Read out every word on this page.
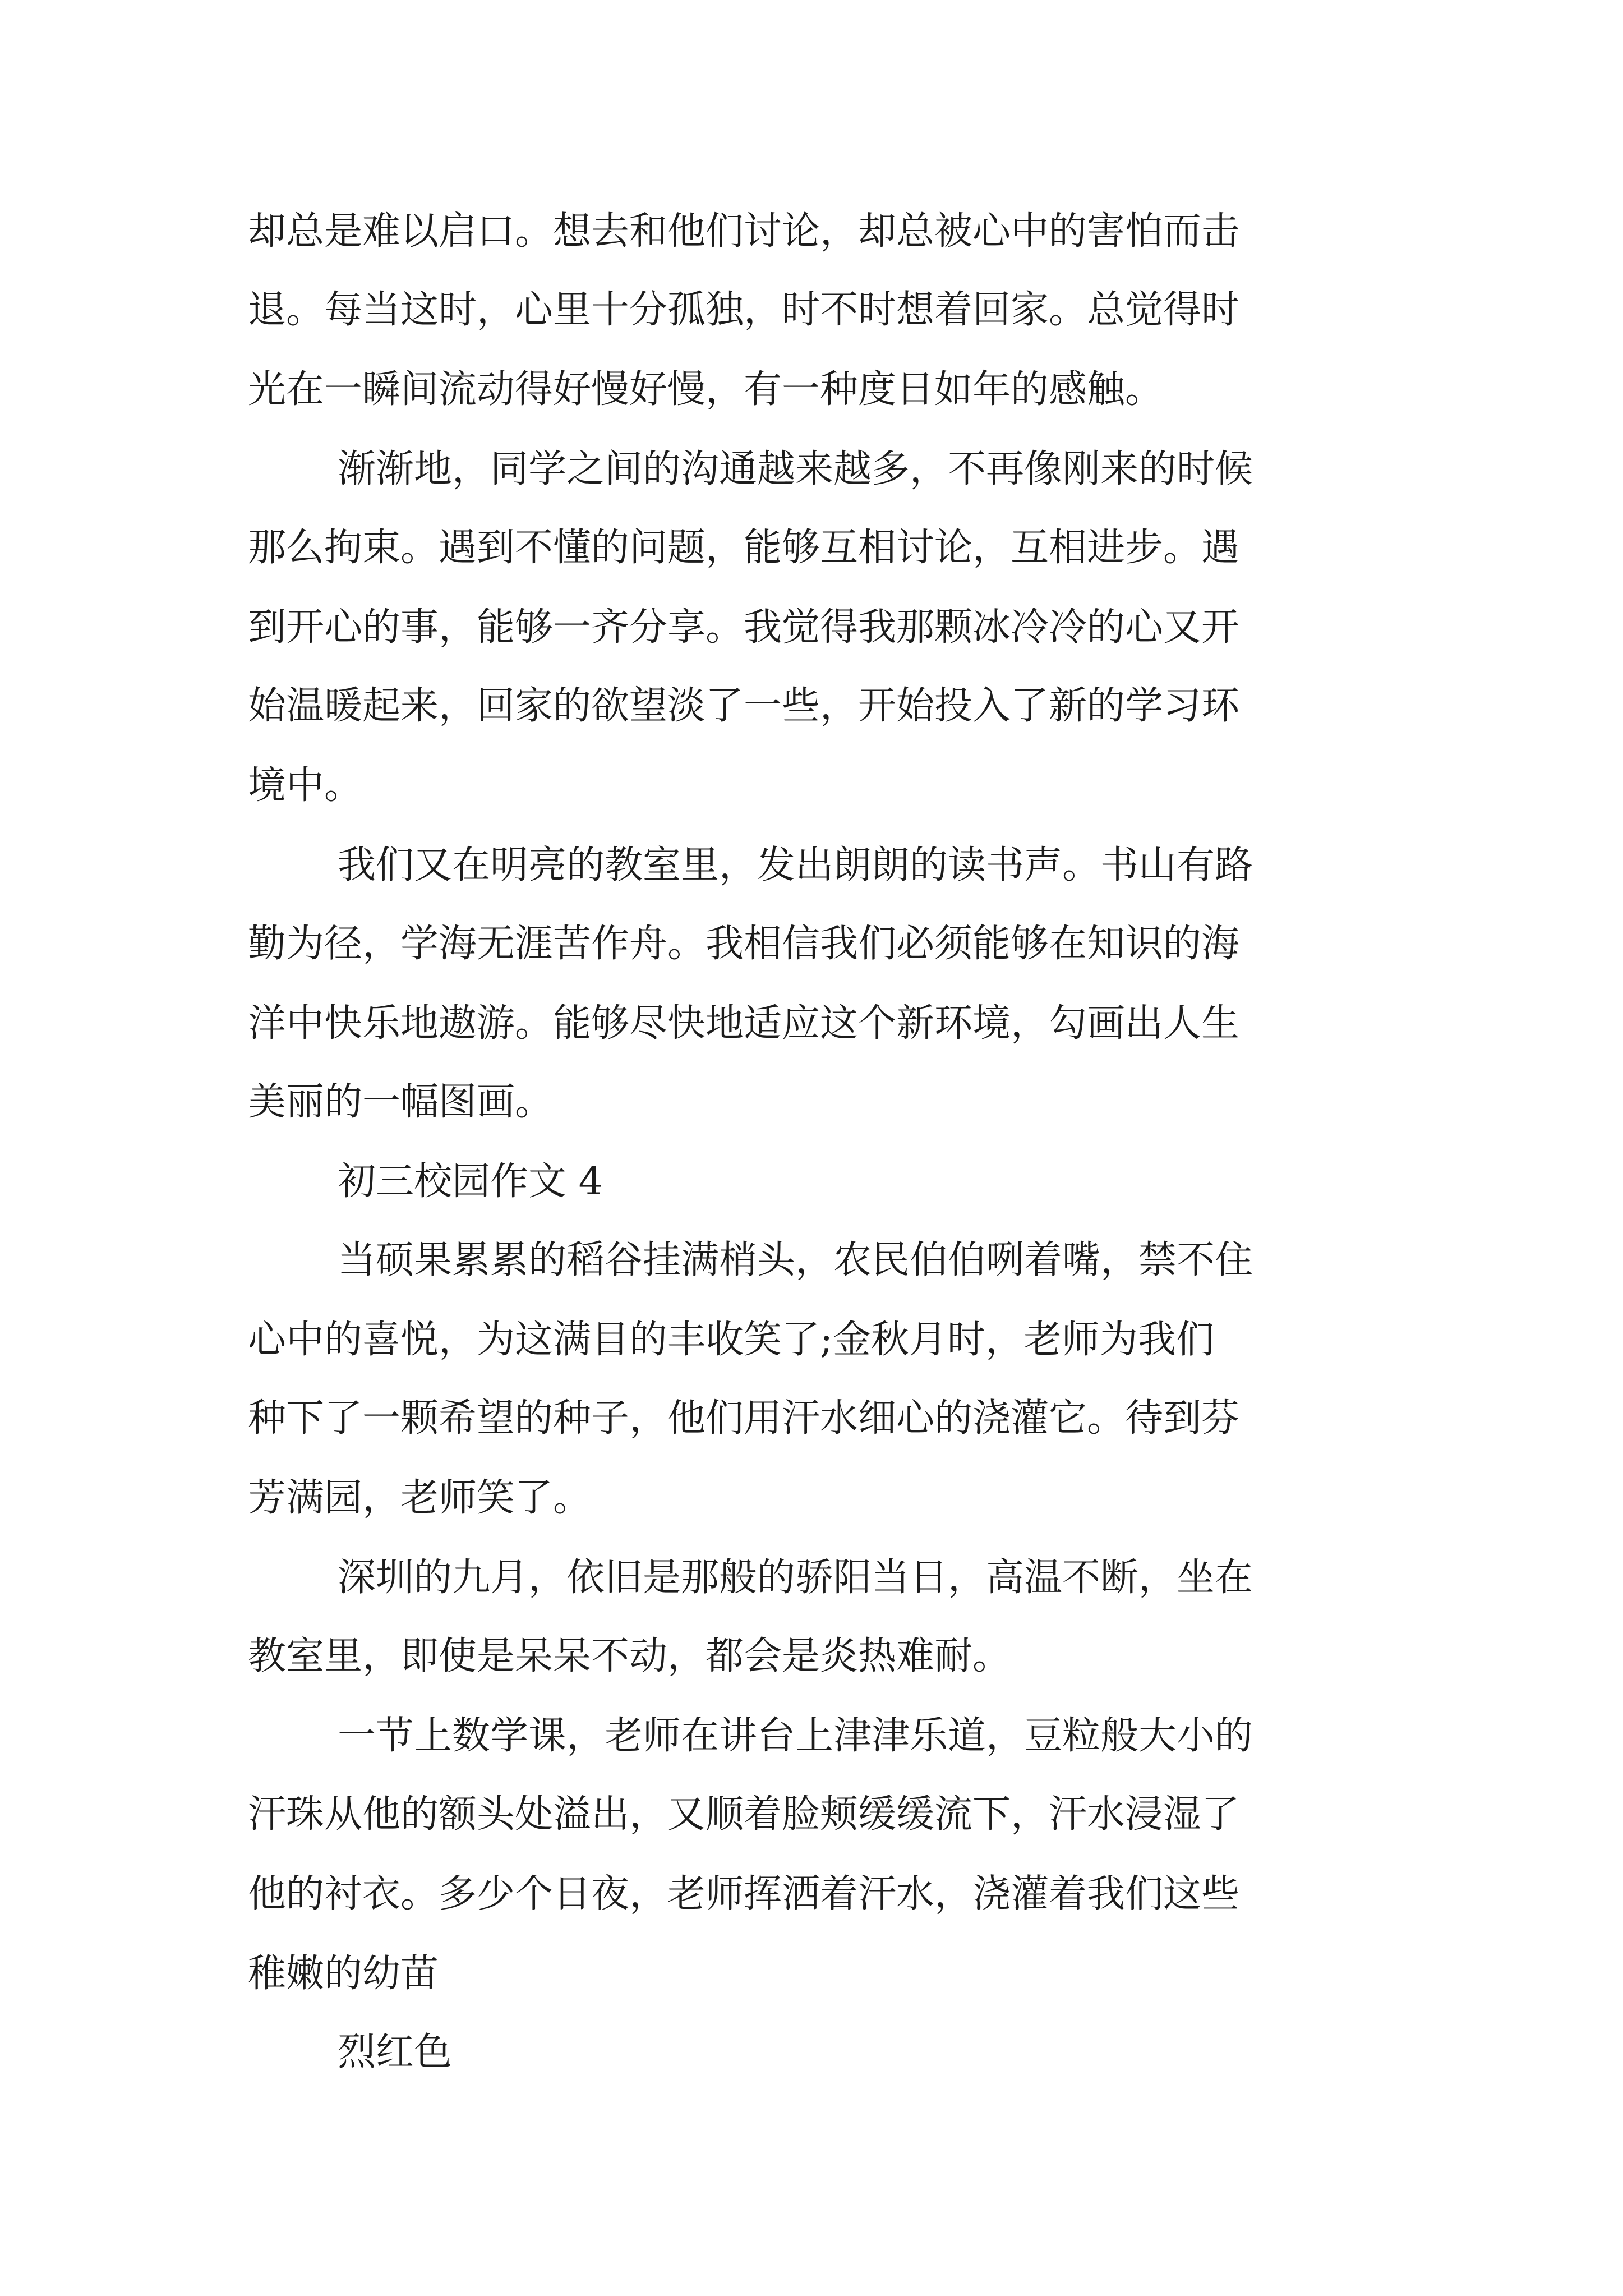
却总是难以启口。想去和他们讨论，却总被心中的害怕而击
退。每当这时，心里十分孤独，时不时想着回家。总觉得时
光在一瞬间流动得好慢好慢，有一种度日如年的感触。
渐渐地，同学之间的沟通越来越多，不再像刚来的时候
那么拘束。遇到不懂的问题，能够互相讨论，互相进步。遇
到开心的事，能够一齐分享。我觉得我那颗冰冷冷的心又开
始温暖起来，回家的欲望淡了一些，开始投入了新的学习环
境中。
我们又在明亮的教室里，发出朗朗的读书声。书山有路
勤为径，学海无涯苦作舟。我相信我们必须能够在知识的海
洋中快乐地遨游。能够尽快地适应这个新环境，勾画出人生
美丽的一幅图画。
初三校园作文 4
当硕果累累的稻谷挂满梢头，农民伯伯咧着嘴，禁不住
心中的喜悦，为这满目的丰收笑了;金秋月时，老师为我们
种下了一颗希望的种子，他们用汗水细心的浇灌它。待到芬
芳满园，老师笑了。
深圳的九月，依旧是那般的骄阳当日，高温不断，坐在
教室里，即使是呆呆不动，都会是炎热难耐。
一节上数学课，老师在讲台上津津乐道，豆粒般大小的
汗珠从他的额头处溢出，又顺着脸颊缓缓流下，汗水浸湿了
他的衬衣。多少个日夜，老师挥洒着汗水，浇灌着我们这些
稚嫩的幼苗
烈红色
